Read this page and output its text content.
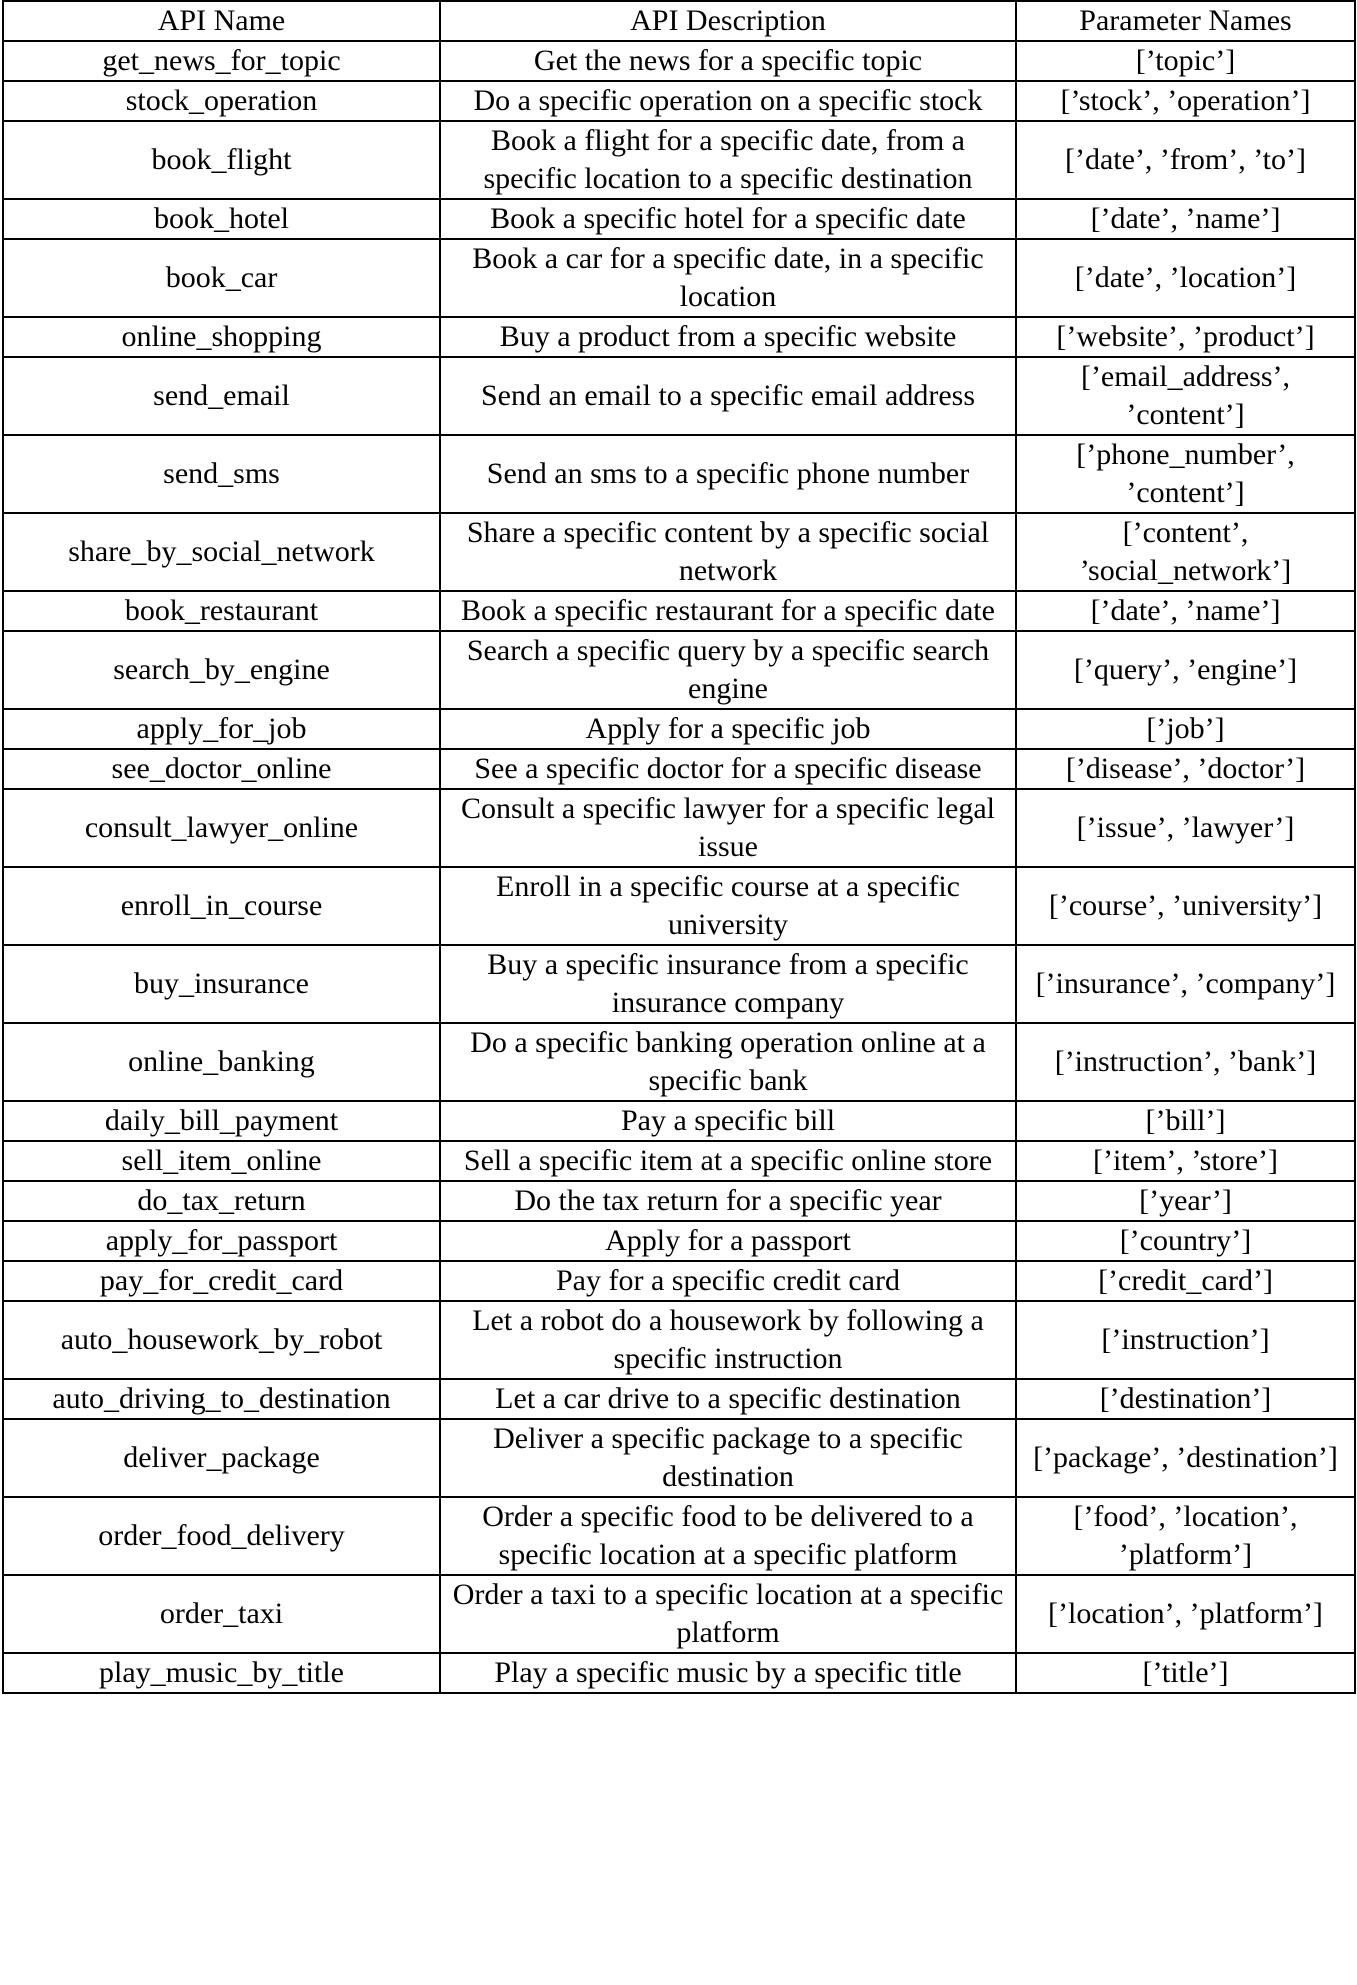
API Name	API Description	Parameter Names
get_news_for_topic	Get the news for a specific topic	[’topic’]
stock_operation	Do a specific operation on a specific stock	[’stock’, ’operation’]
book_flight	Book a flight for a specific date, from a specific location to a specific destination	[’date’, ’from’, ’to’]
book_hotel	Book a specific hotel for a specific date	[’date’, ’name’]
book_car	Book a car for a specific date, in a specific location	[’date’, ’location’]
online_shopping	Buy a product from a specific website	[’website’, ’product’]
send_email	Send an email to a specific email address	[’email_address’, ’content’]
send_sms	Send an sms to a specific phone number	[’phone_number’, ’content’]
share_by_social_network	Share a specific content by a specific social network	[’content’, ’social_network’]
book_restaurant	Book a specific restaurant for a specific date	[’date’, ’name’]
search_by_engine	Search a specific query by a specific search engine	[’query’, ’engine’]
apply_for_job	Apply for a specific job	[’job’]
see_doctor_online	See a specific doctor for a specific disease	[’disease’, ’doctor’]
consult_lawyer_online	Consult a specific lawyer for a specific legal issue	[’issue’, ’lawyer’]
enroll_in_course	Enroll in a specific course at a specific university	[’course’, ’university’]
buy_insurance	Buy a specific insurance from a specific insurance company	[’insurance’, ’company’]
online_banking	Do a specific banking operation online at a specific bank	[’instruction’, ’bank’]
daily_bill_payment	Pay a specific bill	[’bill’]
sell_item_online	Sell a specific item at a specific online store	[’item’, ’store’]
do_tax_return	Do the tax return for a specific year	[’year’]
apply_for_passport	Apply for a passport	[’country’]
pay_for_credit_card	Pay for a specific credit card	[’credit_card’]
auto_housework_by_robot	Let a robot do a housework by following a specific instruction	[’instruction’]
auto_driving_to_destination	Let a car drive to a specific destination	[’destination’]
deliver_package	Deliver a specific package to a specific destination	[’package’, ’destination’]
order_food_delivery	Order a specific food to be delivered to a specific location at a specific platform	[’food’, ’location’, ’platform’]
order_taxi	Order a taxi to a specific location at a specific platform	[’location’, ’platform’]
play_music_by_title	Play a specific music by a specific title	[’title’]
